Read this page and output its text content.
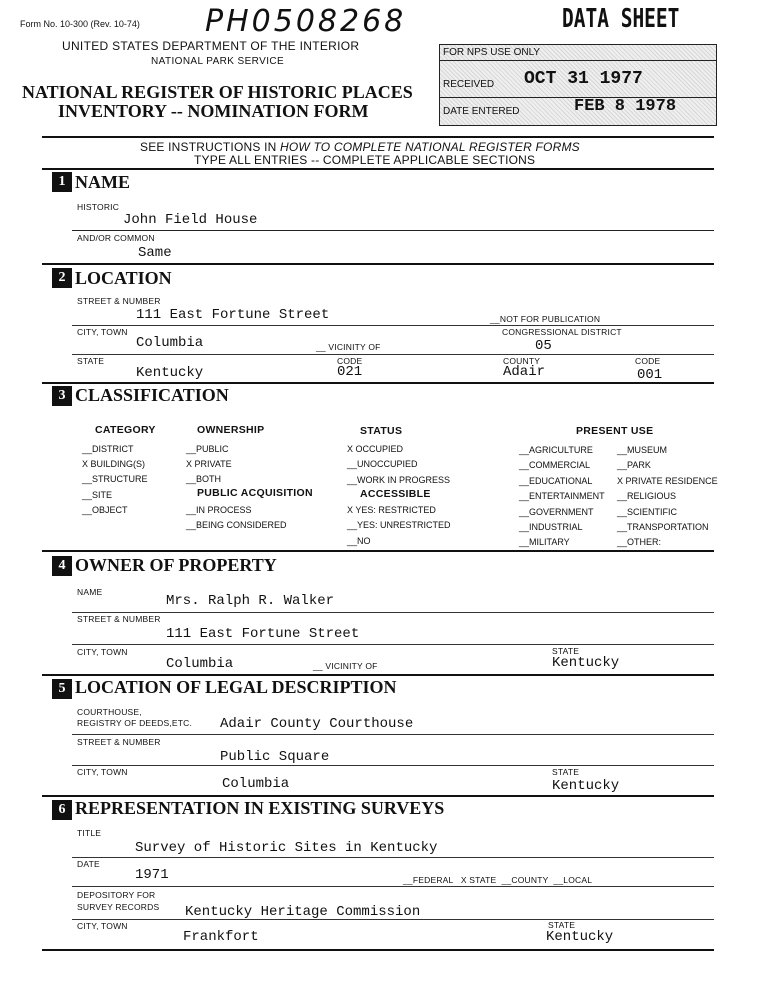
Form No. 10-300 (Rev. 10-74) PH0508268	DATA SHEET
UNITED STATES DEPARTMENT OF THE INTERIOR
NATIONAL PARK SERVICE
NATIONAL REGISTER OF HISTORIC PLACES
INVENTORY -- NOMINATION FORM
FOR NPS USE ONLY
RECEIVED OCT 31 1977
DATE ENTERED	FEB 8 1978
SEE INSTRUCTIONS IN HOW TO COMPLETE NATIONAL REGISTER FORMS
TYPE ALL ENTRIES -- COMPLETE APPLICABLE SECTIONS
1 NAME
HISTORIC
John Field House
AND/OR COMMON
Same
2 LOCATION
STREET & NUMBER
111 East Fortune Street	__NOT FOR PUBLICATION
CITY, TOWN
Columbia	__ VICINITY OF
CONGRESSIONAL DISTRICT
05
STATE
Kentucky
CODE
021
COUNTY
Adair
CODE
001
3 CLASSIFICATION
CATEGORY
__DISTRICT
X BUILDING(S)
__STRUCTURE
__SITE
__OBJECT
OWNERSHIP
__PUBLIC
X PRIVATE
__BOTH
PUBLIC ACQUISITION
__IN PROCESS
__BEING CONSIDERED
STATUS
X OCCUPIED
__UNOCCUPIED
__WORK IN PROGRESS
ACCESSIBLE
X YES: RESTRICTED
__YES: UNRESTRICTED
__NO
PRESENT USE
__AGRICULTURE
__COMMERCIAL
__EDUCATIONAL
__ENTERTAINMENT
__GOVERNMENT
__INDUSTRIAL
__MILITARY
__MUSEUM
__PARK
X PRIVATE RESIDENCE
__RELIGIOUS
__SCIENTIFIC
__TRANSPORTATION
__OTHER:
4 OWNER OF PROPERTY
NAME
Mrs. Ralph R. Walker
STREET & NUMBER
111 East Fortune Street
CITY, TOWN
Columbia	__ VICINITY OF
STATE
Kentucky
5 LOCATION OF LEGAL DESCRIPTION
COURTHOUSE,
REGISTRY OF DEEDS,ETC. Adair County Courthouse
STREET & NUMBER
Public Square
CITY, TOWN
Columbia
STATE
Kentucky
6 REPRESENTATION IN EXISTING SURVEYS
TITLE
Survey of Historic Sites in Kentucky
DATE
1971	__FEDERAL   X STATE  __COUNTY  __LOCAL
DEPOSITORY FOR
SURVEY RECORDS Kentucky Heritage Commission
CITY, TOWN
Frankfort
STATE
Kentucky
